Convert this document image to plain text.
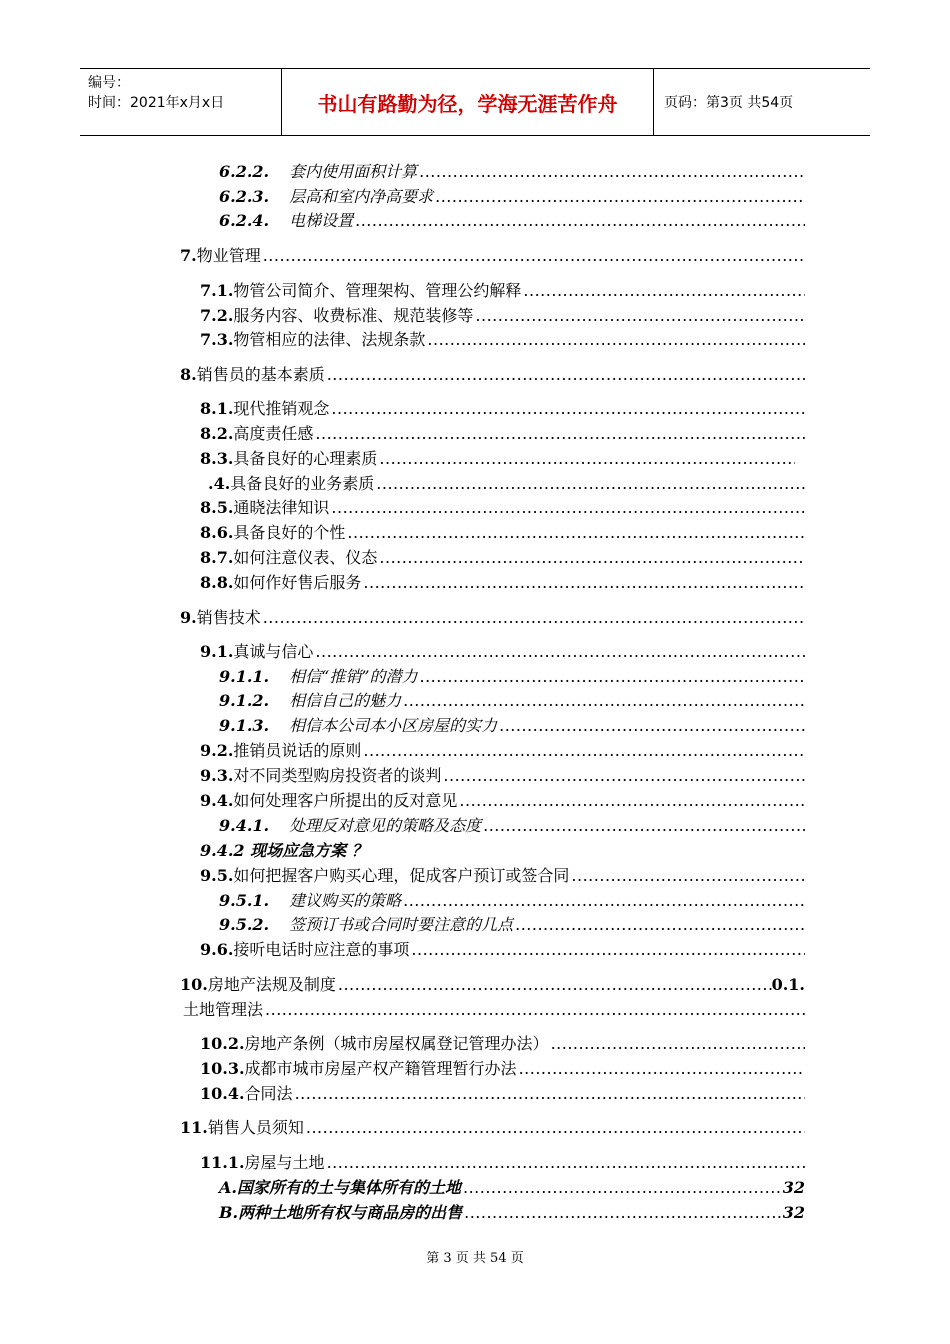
编号：
时间：2021年x月x日	书山有路勤为径，学海无涯苦作舟	页码：第3页 共54页
6.2.2. 套内使用面积计算
.....
6.2.3. 层高和室内净高要求
.....
6.2.4. 电梯设置
.....
7.物业管理
.....
7.1.物管公司简介、管理架构、管理公约解释
.....
7.2.服务内容、收费标准、规范装修等
.....
7.3.物管相应的法律、法规条款
.....
8.销售员的基本素质
.....
8.1.现代推销观念
.....
8.2.高度责任感
.....
8.3.具备良好的心理素质
.....
.4.具备良好的业务素质
.....
8.5.通晓法律知识
.....
8.6.具备良好的个性
.....
8.7.如何注意仪表、仪态
.....
8.8.如何作好售后服务
.....
9.销售技术
.....
9.1.真诚与信心
.....
9.1.1. 相信“推销”的潜力
.....
9.1.2. 相信自己的魅力
.....
9.1.3. 相信本公司本小区房屋的实力
.....
9.2.推销员说话的原则
.....
9.3.对不同类型购房投资者的谈判
.....
9.4.如何处理客户所提出的反对意见
.....
9.4.1. 处理反对意见的策略及态度
.....
9.4.2 现场应急方案 ？
9.5.如何把握客户购买心理，促成客户预订或签合同
.....
9.5.1. 建议购买的策略
.....
9.5.2. 签预订书或合同时要注意的几点
.....
9.6.接听电话时应注意的事项
.....
10.房地产法规及制度 .....	0.1.
土地管理法
.....
10.2.房地产条例（城市房屋权属登记管理办法）
.....
10.3.成都市城市房屋产权产籍管理暂行办法
.....
10.4.合同法
.....
11.销售人员须知
.....
11.1.房屋与土地
.....
A.国家所有的土与集体所有的土地 .....	32
B.两种土地所有权与商品房的出售 .....	32
第 3 页 共 54 页
